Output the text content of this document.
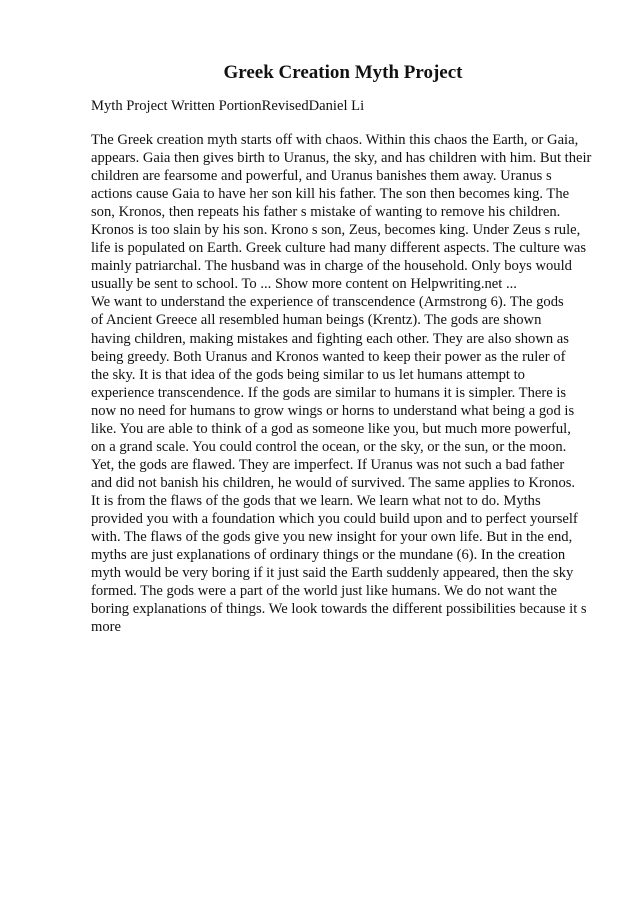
Greek Creation Myth Project

Myth Project Written PortionRevisedDaniel Li

The Greek creation myth starts off with chaos. Within this chaos the Earth, or Gaia,
appears. Gaia then gives birth to Uranus, the sky, and has children with him. But their
children are fearsome and powerful, and Uranus banishes them away. Uranus s
actions cause Gaia to have her son kill his father. The son then becomes king. The
son, Kronos, then repeats his father s mistake of wanting to remove his children.
Kronos is too slain by his son. Krono s son, Zeus, becomes king. Under Zeus s rule,
life is populated on Earth. Greek culture had many different aspects. The culture was
mainly patriarchal. The husband was in charge of the household. Only boys would
usually be sent to school. To ... Show more content on Helpwriting.net ...
We want to understand the experience of transcendence (Armstrong 6). The gods
of Ancient Greece all resembled human beings (Krentz). The gods are shown
having children, making mistakes and fighting each other. They are also shown as
being greedy. Both Uranus and Kronos wanted to keep their power as the ruler of
the sky. It is that idea of the gods being similar to us let humans attempt to
experience transcendence. If the gods are similar to humans it is simpler. There is
now no need for humans to grow wings or horns to understand what being a god is
like. You are able to think of a god as someone like you, but much more powerful,
on a grand scale. You could control the ocean, or the sky, or the sun, or the moon.
Yet, the gods are flawed. They are imperfect. If Uranus was not such a bad father
and did not banish his children, he would of survived. The same applies to Kronos.
It is from the flaws of the gods that we learn. We learn what not to do. Myths
provided you with a foundation which you could build upon and to perfect yourself
with. The flaws of the gods give you new insight for your own life. But in the end,
myths are just explanations of ordinary things or the mundane (6). In the creation
myth would be very boring if it just said the Earth suddenly appeared, then the sky
formed. The gods were a part of the world just like humans. We do not want the
boring explanations of things. We look towards the different possibilities because it s
more
